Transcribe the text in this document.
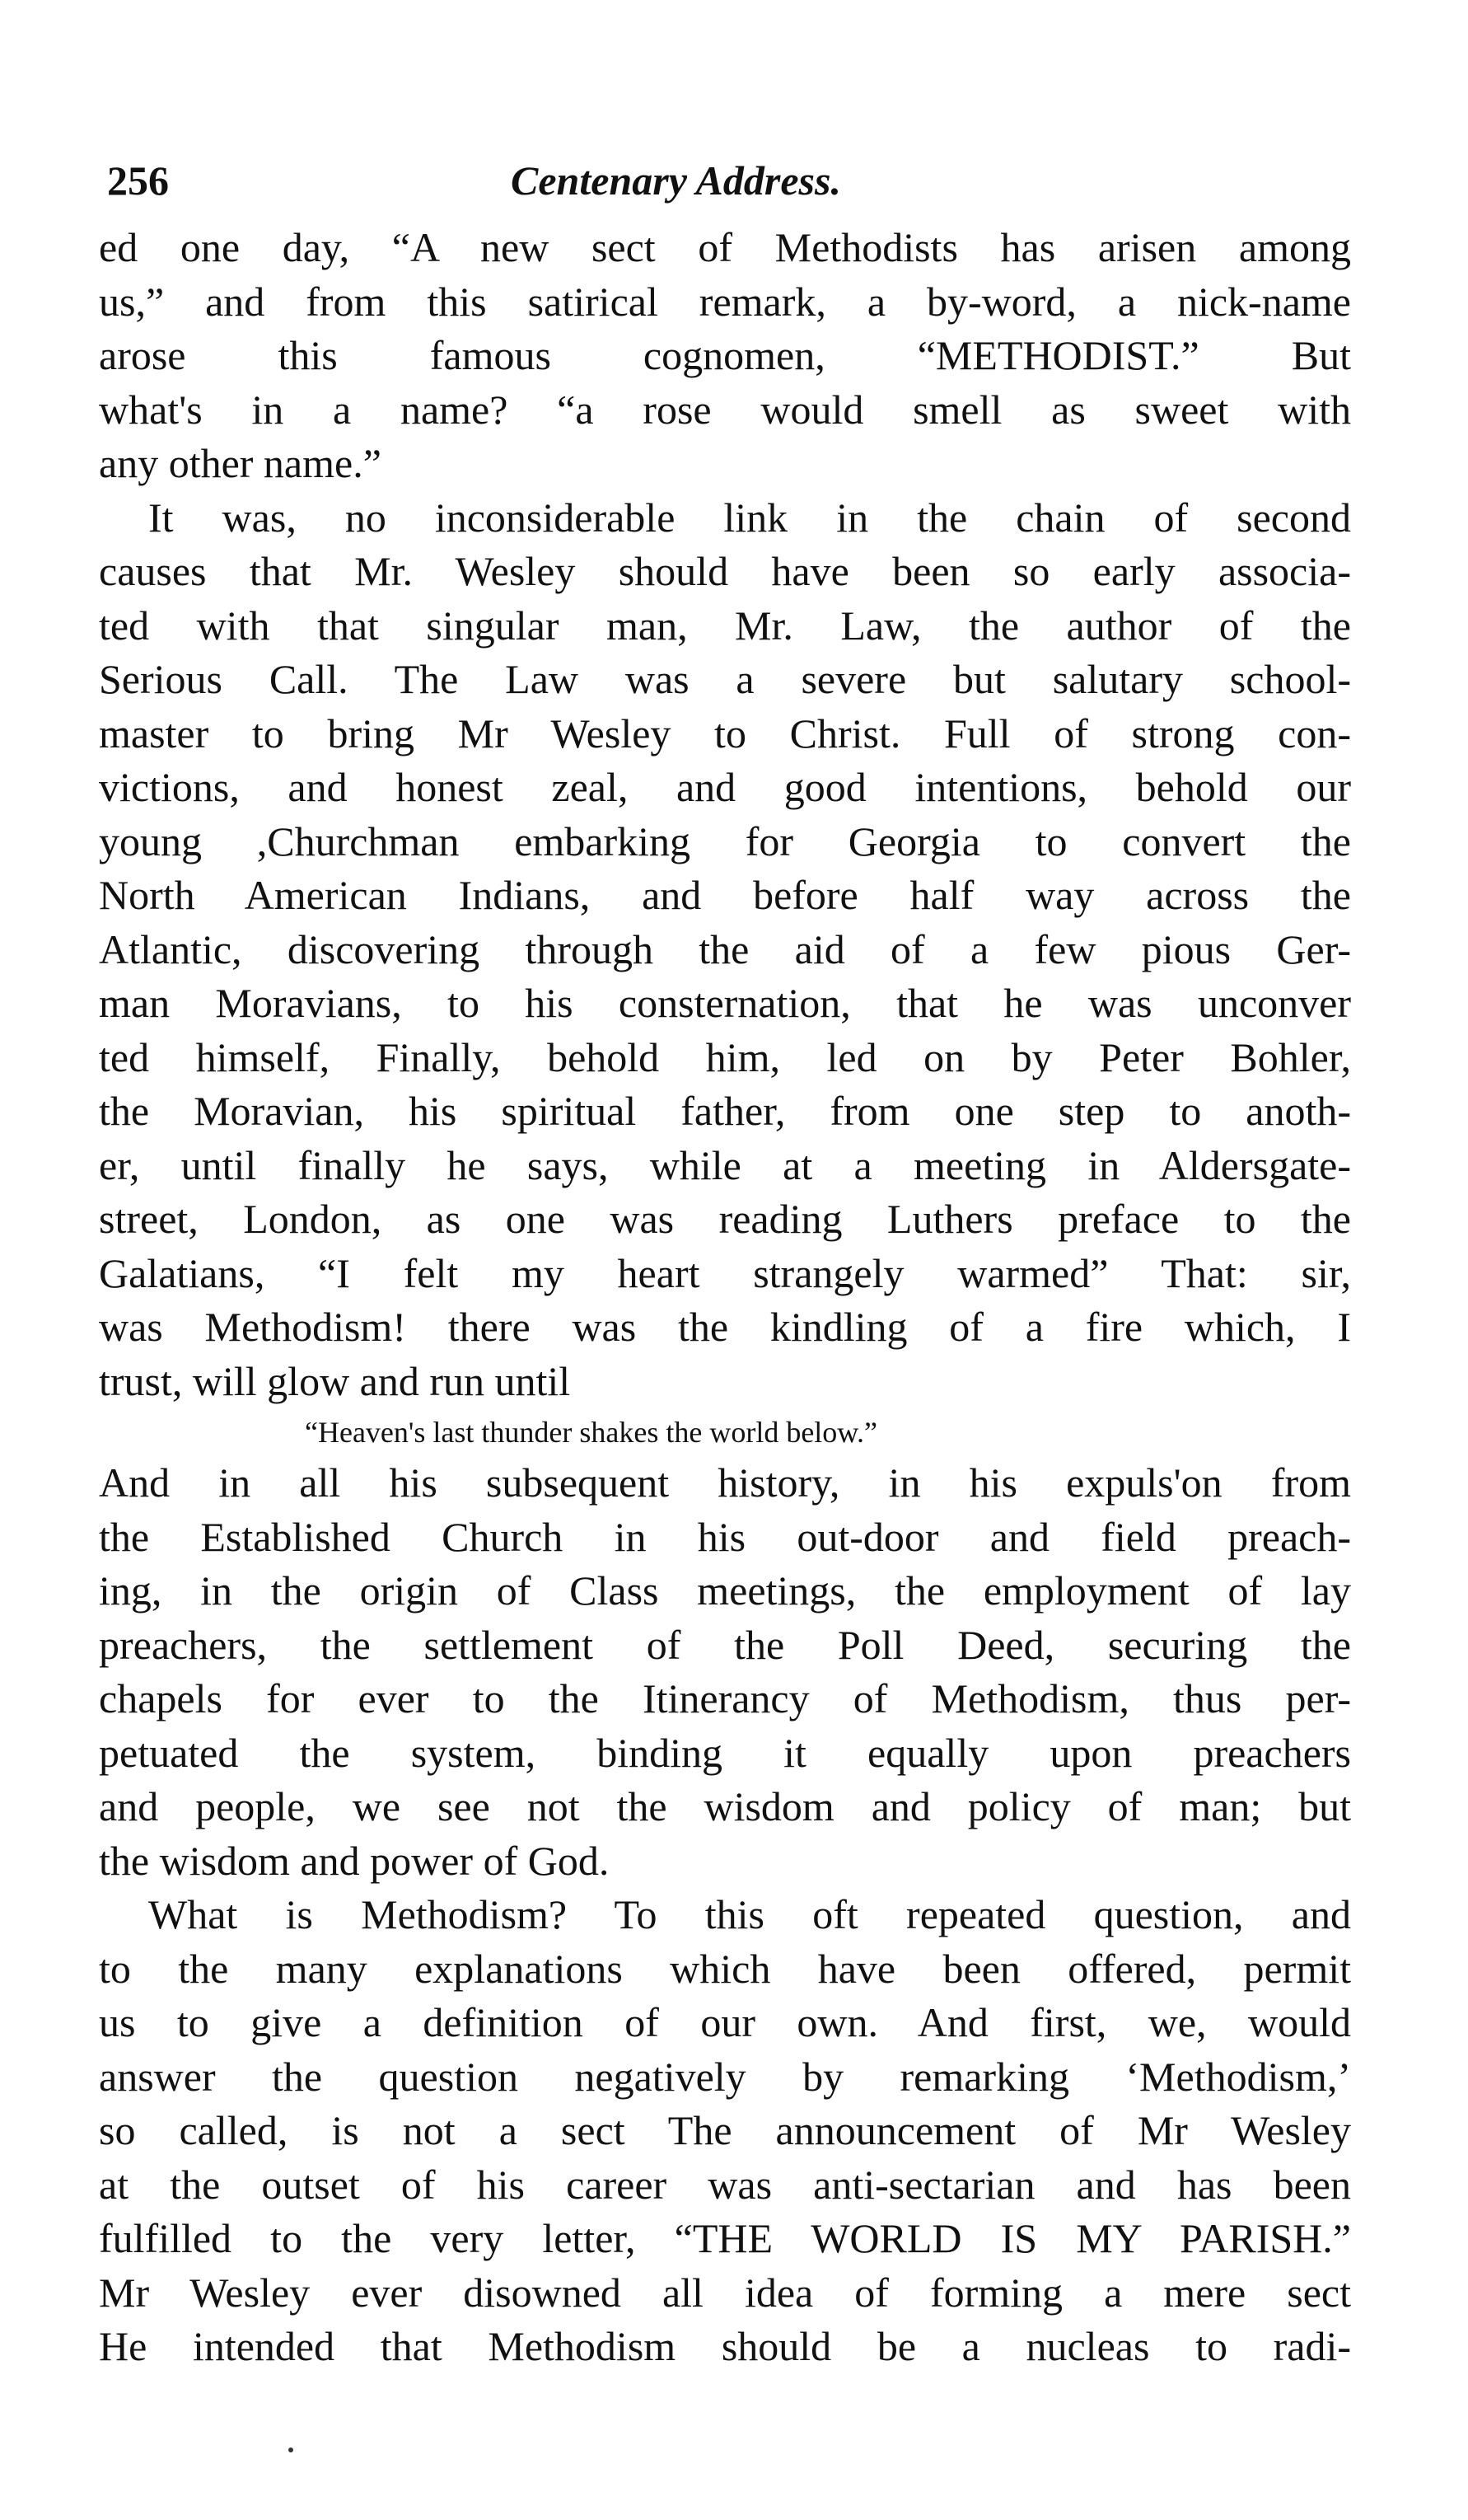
256	Centenary Address.
ed one day, “A new sect of Methodists has arisen among
us,” and from this satirical remark, a by-word, a nick-name
arose this famous cognomen, “METHODIST.” But
what's in a name? “a rose would smell as sweet with
any other name.”
It was, no inconsiderable link in the chain of second
causes that Mr. Wesley should have been so early associa-
ted with that singular man, Mr. Law, the author of the
Serious Call. The Law was a severe but salutary school-
master to bring Mr Wesley to Christ. Full of strong con-
victions, and honest zeal, and good intentions, behold our
young ,Churchman embarking for Georgia to convert the
North American Indians, and before half way across the
Atlantic, discovering through the aid of a few pious Ger-
man Moravians, to his consternation, that he was unconver
ted himself, Finally, behold him, led on by Peter Bohler,
the Moravian, his spiritual father, from one step to anoth-
er, until finally he says, while at a meeting in Aldersgate-
street, London, as one was reading Luthers preface to the
Galatians, “I felt my heart strangely warmed” That: sir,
was Methodism! there was the kindling of a fire which, I
trust, will glow and run until
“Heaven's last thunder shakes the world below.”
And in all his subsequent history, in his expuls'on from
the Established Church in his out-door and field preach-
ing, in the origin of Class meetings, the employment of lay
preachers, the settlement of the Poll Deed, securing the
chapels for ever to the Itinerancy of Methodism, thus per-
petuated the system, binding it equally upon preachers
and people, we see not the wisdom and policy of man; but
the wisdom and power of God.
What is Methodism? To this oft repeated question, and
to the many explanations which have been offered, permit
us to give a definition of our own. And first, we, would
answer the question negatively by remarking ‘Methodism,’
so called, is not a sect The announcement of Mr Wesley
at the outset of his career was anti-sectarian and has been
fulfilled to the very letter, “THE WORLD IS MY PARISH.”
Mr Wesley ever disowned all idea of forming a mere sect
He intended that Methodism should be a nucleas to radi-
